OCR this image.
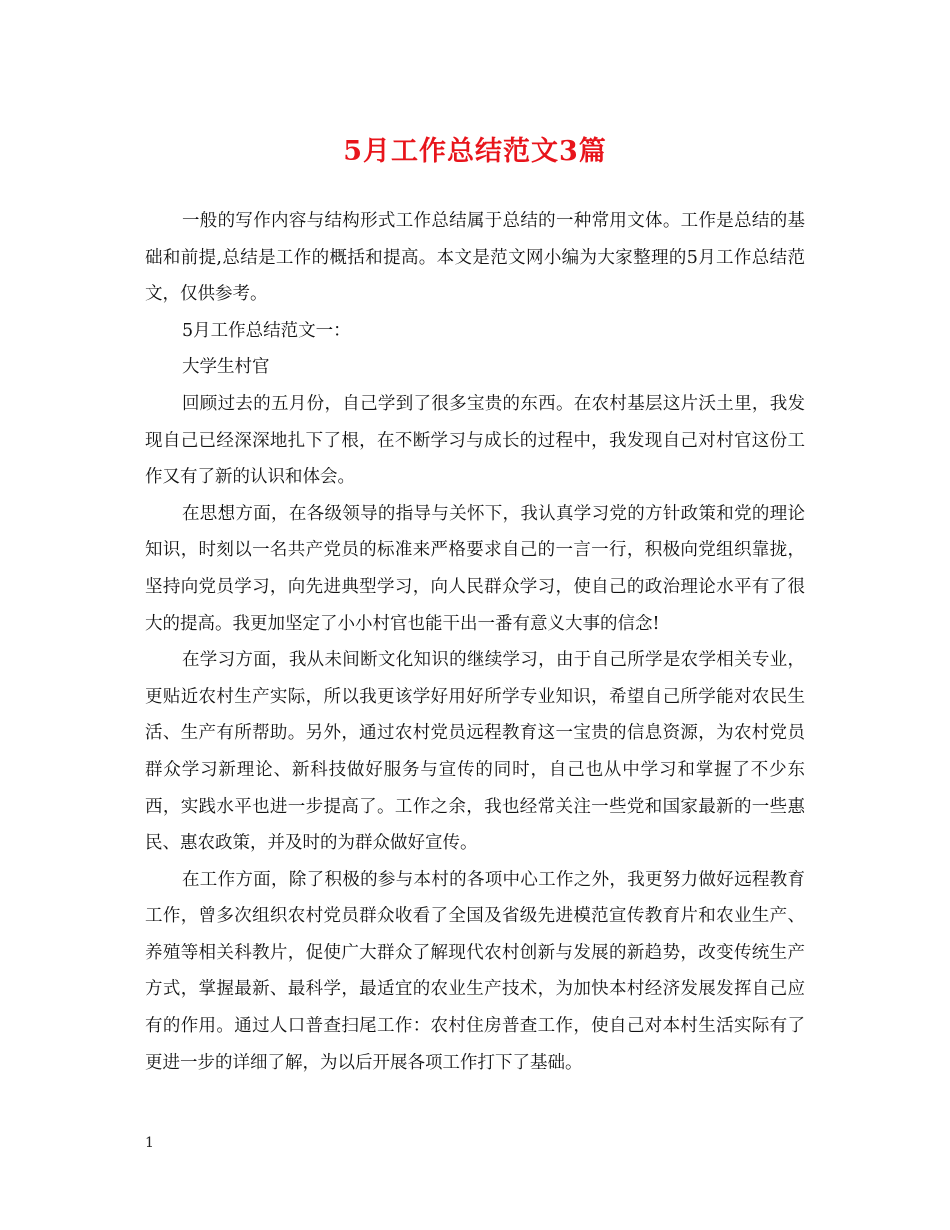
5月工作总结范文3篇

一般的写作内容与结构形式工作总结属于总结的一种常用文体。工作是总结的基础和前提,总结是工作的概括和提高。本文是范文网小编为大家整理的5月工作总结范文，仅供参考。

5月工作总结范文一：

大学生村官

回顾过去的五月份，自己学到了很多宝贵的东西。在农村基层这片沃土里，我发现自己已经深深地扎下了根，在不断学习与成长的过程中，我发现自己对村官这份工作又有了新的认识和体会。

在思想方面，在各级领导的指导与关怀下，我认真学习党的方针政策和党的理论知识，时刻以一名共产党员的标准来严格要求自己的一言一行，积极向党组织靠拢，坚持向党员学习，向先进典型学习，向人民群众学习，使自己的政治理论水平有了很大的提高。我更加坚定了小小村官也能干出一番有意义大事的信念!

在学习方面，我从未间断文化知识的继续学习，由于自己所学是农学相关专业，更贴近农村生产实际，所以我更该学好用好所学专业知识，希望自己所学能对农民生活、生产有所帮助。另外，通过农村党员远程教育这一宝贵的信息资源，为农村党员群众学习新理论、新科技做好服务与宣传的同时，自己也从中学习和掌握了不少东西，实践水平也进一步提高了。工作之余，我也经常关注一些党和国家最新的一些惠民、惠农政策，并及时的为群众做好宣传。

在工作方面，除了积极的参与本村的各项中心工作之外，我更努力做好远程教育工作，曾多次组织农村党员群众收看了全国及省级先进模范宣传教育片和农业生产、养殖等相关科教片，促使广大群众了解现代农村创新与发展的新趋势，改变传统生产方式，掌握最新、最科学，最适宜的农业生产技术，为加快本村经济发展发挥自己应有的作用。通过人口普查扫尾工作：农村住房普查工作，使自己对本村生活实际有了更进一步的详细了解，为以后开展各项工作打下了基础。

1
